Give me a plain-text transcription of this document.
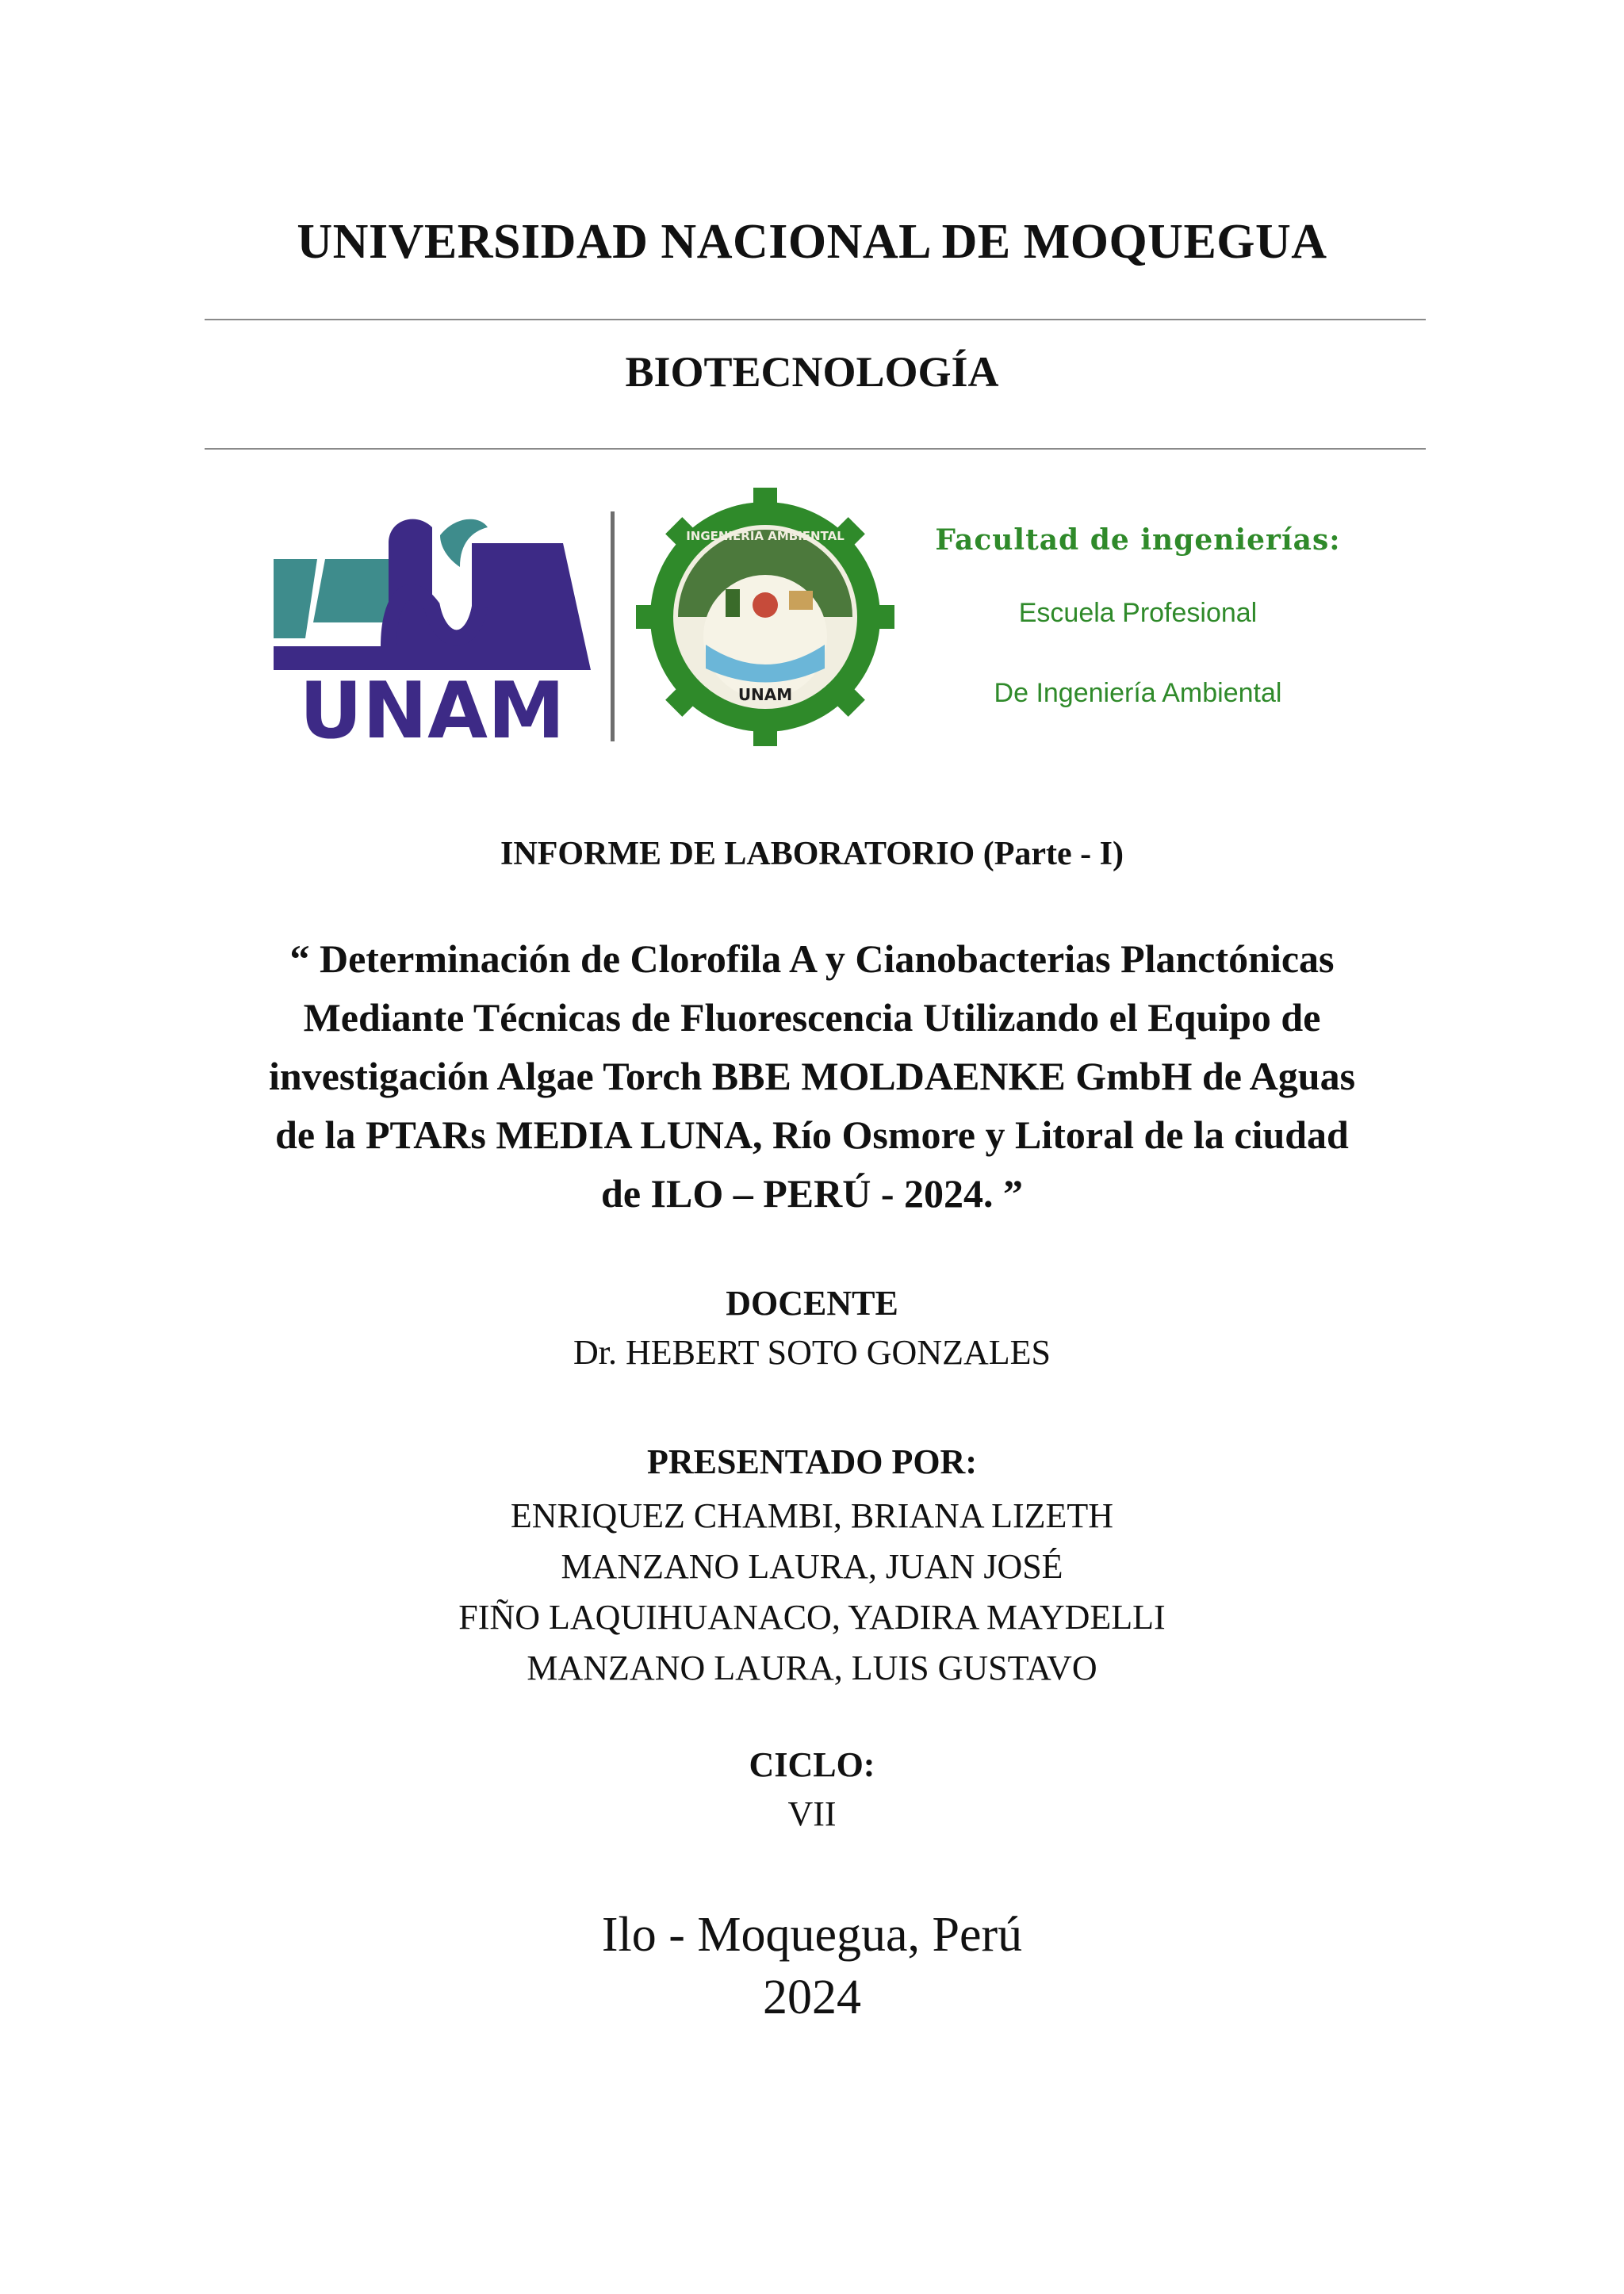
UNIVERSIDAD NACIONAL DE MOQUEGUA
BIOTECNOLOGÍA
UNAM	UNAM
INGENIERIA AMBIENTAL	Facultad de ingenierías:
Escuela Profesional
De Ingeniería Ambiental
INFORME DE LABORATORIO (Parte - I)
“ Determinación de Clorofila A y Cianobacterias Planctónicas
Mediante Técnicas de Fluorescencia Utilizando el Equipo de
investigación Algae Torch BBE MOLDAENKE GmbH de Aguas
de la PTARs MEDIA LUNA, Río Osmore y Litoral de la ciudad
de ILO – PERÚ - 2024. ”
DOCENTE
Dr. HEBERT SOTO GONZALES
PRESENTADO POR:
ENRIQUEZ CHAMBI, BRIANA LIZETH
MANZANO LAURA, JUAN JOSÉ
FIÑO LAQUIHUANACO, YADIRA MAYDELLI
MANZANO LAURA, LUIS GUSTAVO
CICLO:
VII
Ilo - Moquegua, Perú
2024
